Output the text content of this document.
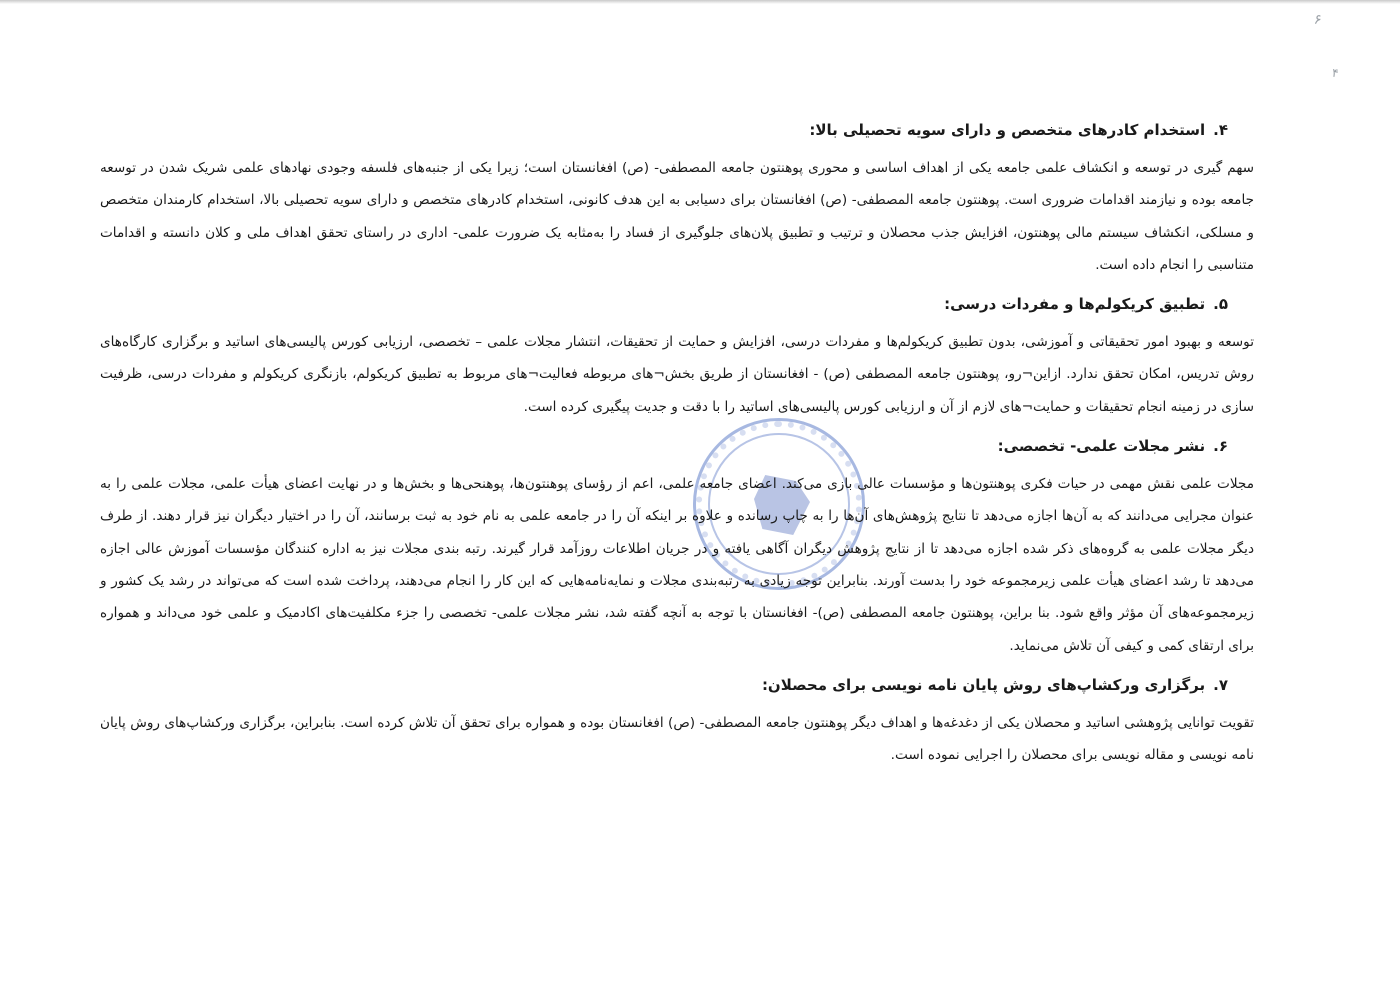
۶
۴
۴.
استخدام کادرهای متخصص و دارای سویه تحصیلی بالا:

سهم گیری در توسعه و انکشاف علمی جامعه یکی از اهداف اساسی و محوری پوهنتون جامعه المصطفی- (ص) افغانستان است؛ زیرا یکی از جنبه‌های فلسفه وجودی نهادهای علمی شریک شدن در توسعه جامعه بوده و نیازمند اقدامات ضروری است. پوهنتون جامعه المصطفی- (ص) افغانستان برای دسیابی به این هدف کانونی، استخدام کادرهای متخصص و دارای سویه تحصیلی بالا، استخدام کارمندان متخصص و مسلکی، انکشاف سیستم مالی پوهنتون، افزایش جذب محصلان و ترتیب و تطبیق پلان‌های جلوگیری از فساد را به‌مثابه یک ضرورت علمی- اداری در راستای تحقق اهداف ملی و کلان دانسته و اقدامات متناسبی را انجام داده است.

۵.
تطبیق کریکولم‌ها و مفردات درسی:

توسعه و بهبود امور تحقیقاتی و آموزشی، بدون تطبیق کریکولم‌ها و مفردات درسی، افزایش و حمایت از تحقیقات، انتشار مجلات علمی – تخصصی، ارزیابی کورس پالیسی‌های اساتید و برگزاری کارگاه‌های روش تدریس، امکان تحقق ندارد. ازاین¬رو، پوهنتون جامعه المصطفی (ص) - افغانستان از طریق بخش¬های مربوطه فعالیت¬های مربوط به تطبیق کریکولم، بازنگری کریکولم و مفردات درسی، ظرفیت سازی در زمینه انجام تحقیقات و حمایت¬های لازم از آن و ارزیابی کورس پالیسی‌های اساتید را با دقت و جدیت پیگیری کرده است.

۶.
نشر مجلات علمی- تخصصی:

مجلات علمی نقش مهمی در حیات فکری پوهنتون‌ها و مؤسسات عالی بازی می‌کند. اعضای جامعه علمی، اعم از رؤسای پوهنتون‌ها، پوهنحی‌ها و بخش‌ها و در نهایت اعضای هیأت علمی، مجلات علمی را به عنوان مجرایی می‌دانند که به آن‌ها اجازه می‌دهد تا نتایج پژوهش‌های آن‌ها را به چاپ رسانده و علاوه بر اینکه آن را در جامعه علمی به نام خود به ثبت برسانند، آن را در اختیار دیگران نیز قرار دهند. از طرف دیگر مجلات علمی به گروه‌های ذکر شده اجازه می‌دهد تا از نتایج پژوهش دیگران آگاهی یافته و در جریان اطلاعات روزآمد قرار گیرند. رتبه بندی مجلات نیز به اداره کنندگان مؤسسات آموزش عالی اجازه می‌دهد تا رشد اعضای هیأت علمی زیرمجموعه خود را بدست آورند. بنابراین توجه زیادی به رتبه‌بندی مجلات و نمایه‌نامه‌هایی که این کار را انجام می‌دهند، پرداخت شده است که می‌تواند در رشد یک کشور و زیرمجموعه‌های آن مؤثر واقع شود. بنا براین، پوهنتون جامعه المصطفی (ص)- افغانستان با توجه به آنچه گفته شد، نشر مجلات علمی- تخصصی را جزء مکلفیت‌های اکادمیک و علمی خود می‌داند و همواره برای ارتقای کمی و کیفی آن تلاش می‌نماید.

۷.
برگزاری ورکشاپ‌های روش پایان نامه نویسی برای محصلان:

تقویت توانایی پژوهشی اساتید و محصلان یکی از دغدغه‌ها و اهداف دیگر پوهنتون جامعه المصطفی- (ص) افغانستان بوده و همواره برای تحقق آن تلاش کرده است. بنابراین، برگزاری ورکشاپ‌های روش پایان نامه نویسی و مقاله نویسی برای محصلان را اجرایی نموده است.
